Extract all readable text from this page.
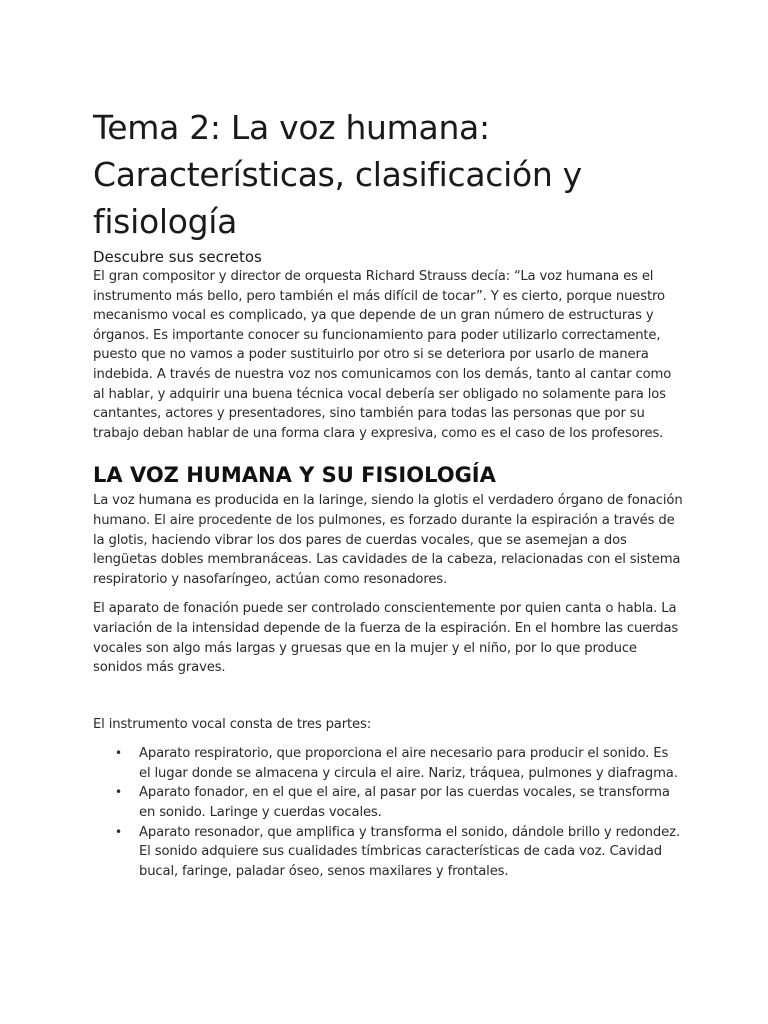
Tema 2: La voz humana: Características, clasificación y fisiología
Descubre sus secretos

El gran compositor y director de orquesta Richard Strauss decía: “La voz humana es el instrumento más bello, pero también el más difícil de tocar”. Y es cierto, porque nuestro mecanismo vocal es complicado, ya que depende de un gran número de estructuras y órganos. Es importante conocer su funcionamiento para poder utilizarlo correctamente, puesto que no vamos a poder sustituirlo por otro si se deteriora por usarlo de manera indebida. A través de nuestra voz nos comunicamos con los demás, tanto al cantar como al hablar, y adquirir una buena técnica vocal debería ser obligado no solamente para los cantantes, actores y presentadores, sino también para todas las personas que por su trabajo deban hablar de una forma clara y expresiva, como es el caso de los profesores.

LA VOZ HUMANA Y SU FISIOLOGÍA

La voz humana es producida en la laringe, siendo la glotis el verdadero órgano de fonación humano. El aire procedente de los pulmones, es forzado durante la espiración a través de la glotis, haciendo vibrar los dos pares de cuerdas vocales, que se asemejan a dos lengüetas dobles membranáceas. Las cavidades de la cabeza, relacionadas con el sistema respiratorio y nasofaríngeo, actúan como resonadores.

El aparato de fonación puede ser controlado conscientemente por quien canta o habla. La variación de la intensidad depende de la fuerza de la espiración. En el hombre las cuerdas vocales son algo más largas y gruesas que en la mujer y el niño, por lo que produce sonidos más graves.

El instrumento vocal consta de tres partes:

• Aparato respiratorio, que proporciona el aire necesario para producir el sonido. Es el lugar donde se almacena y circula el aire. Nariz, tráquea, pulmones y diafragma.
• Aparato fonador, en el que el aire, al pasar por las cuerdas vocales, se transforma en sonido. Laringe y cuerdas vocales.
• Aparato resonador, que amplifica y transforma el sonido, dándole brillo y redondez. El sonido adquiere sus cualidades tímbricas características de cada voz. Cavidad bucal, faringe, paladar óseo, senos maxilares y frontales.
